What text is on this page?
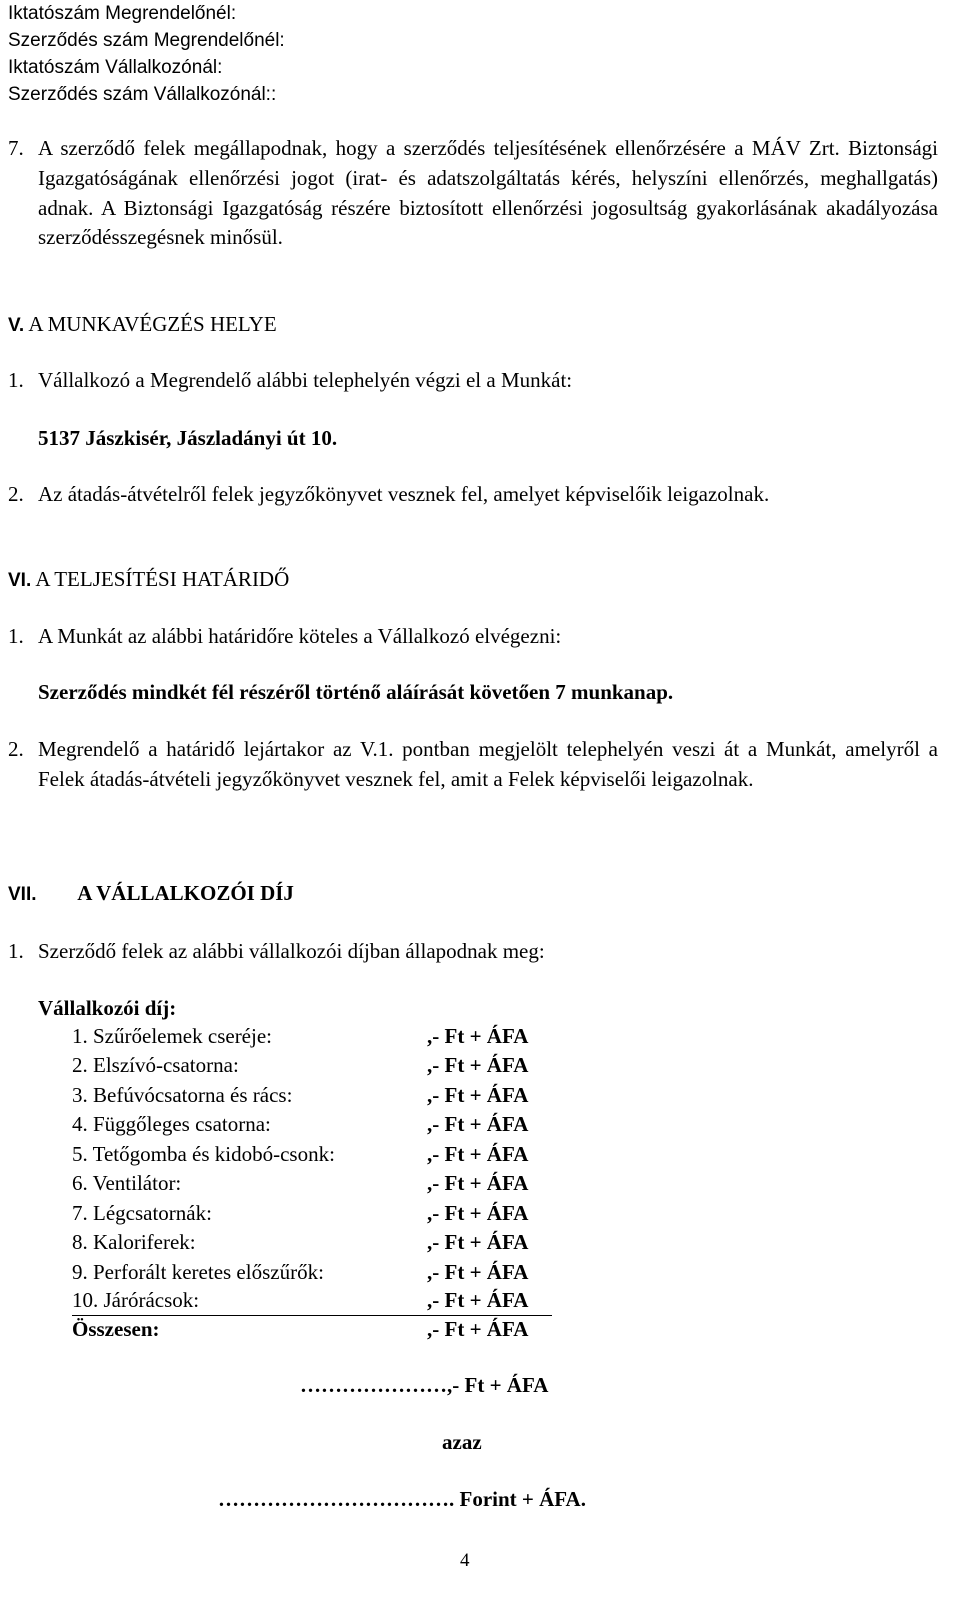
Iktatószám Megrendelőnél:
Szerződés szám Megrendelőnél:
Iktatószám Vállalkozónál:
Szerződés szám Vállalkozónál::
7. A szerződő felek megállapodnak, hogy a szerződés teljesítésének ellenőrzésére a MÁV Zrt. Biztonsági Igazgatóságának ellenőrzési jogot (irat- és adatszolgáltatás kérés, helyszíni ellenőrzés, meghallgatás) adnak. A Biztonsági Igazgatóság részére biztosított ellenőrzési jogosultság gyakorlásának akadályozása szerződésszegésnek minősül.
V. A MUNKAVÉGZÉS HELYE
1. Vállalkozó a Megrendelő alábbi telephelyén végzi el a Munkát:
5137 Jászkisér, Jászladányi út 10.
2. Az átadás-átvételről felek jegyzőkönyvet vesznek fel, amelyet képviselőik leigazolnak.
VI. A TELJESÍTÉSI HATÁRIDŐ
1. A Munkát az alábbi határidőre köteles a Vállalkozó elvégezni:
Szerződés mindkét fél részéről történő aláírását követően 7 munkanap.
2. Megrendelő a határidő lejártakor az V.1. pontban megjelölt telephelyén veszi át a Munkát, amelyről a Felek átadás-átvételi jegyzőkönyvet vesznek fel, amit a Felek képviselői leigazolnak.
VII. A VÁLLALKOZÓI DÍJ
1. Szerződő felek az alábbi vállalkozói díjban állapodnak meg:
Vállalkozói díj:
1. Szűrőelemek cseréje:	,- Ft + ÁFA
2. Elszívó-csatorna:	,- Ft + ÁFA
3. Befúvócsatorna és rács:	,- Ft + ÁFA
4. Függőleges csatorna:	,- Ft + ÁFA
5. Tetőgomba és kidobó-csonk:	,- Ft + ÁFA
6. Ventilátor:	,- Ft + ÁFA
7. Légcsatornák:	,- Ft + ÁFA
8. Kaloriferek:	,- Ft + ÁFA
9. Perforált keretes előszűrők:	,- Ft + ÁFA
10. Járórácsok:	,- Ft + ÁFA
Összesen:	,- Ft + ÁFA
…………………,- Ft + ÁFA
azaz
……………………………. Forint + ÁFA.
4
